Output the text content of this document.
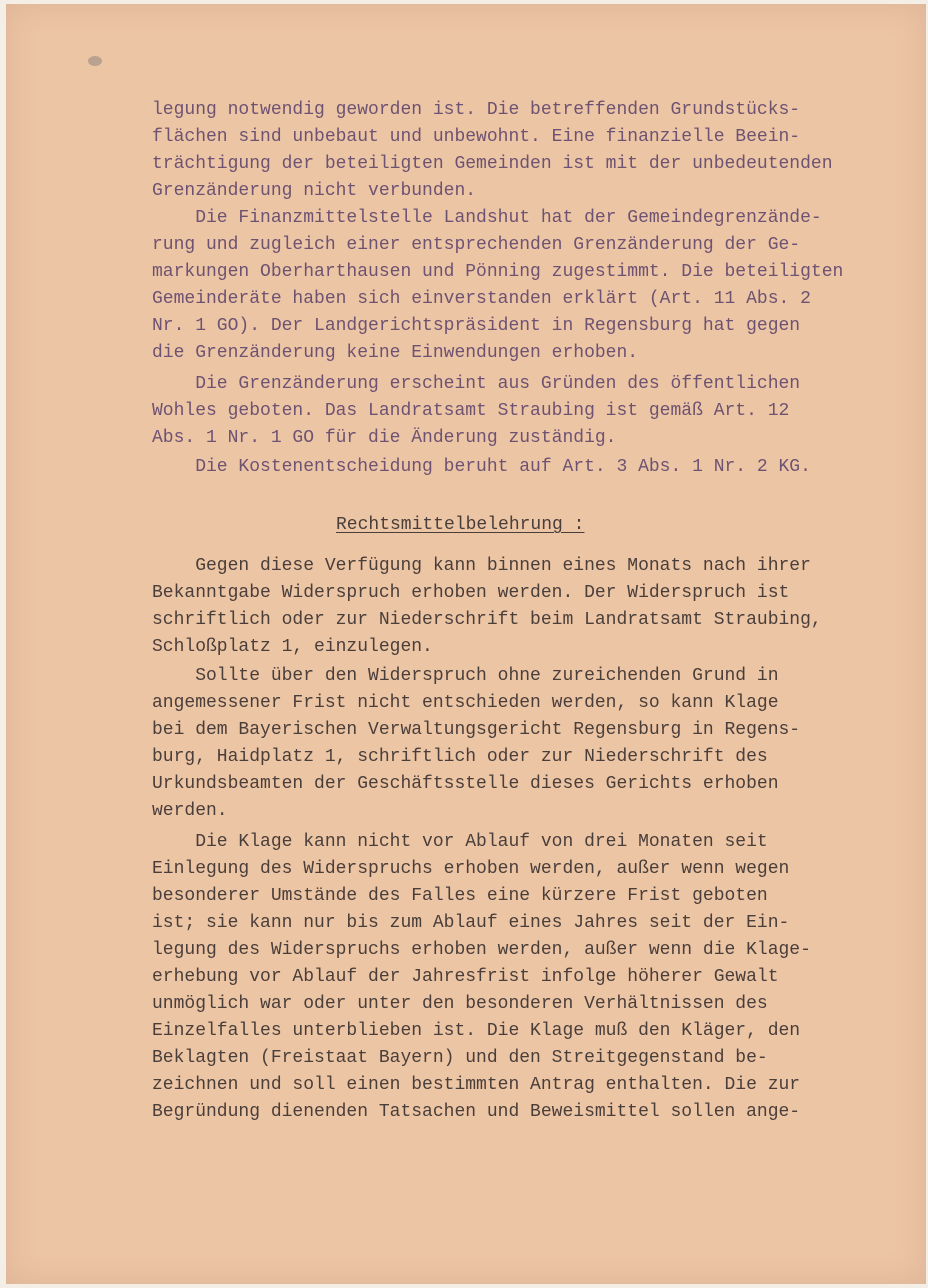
legung notwendig geworden ist. Die betreffenden Grundstücks-
flächen sind unbebaut und unbewohnt. Eine finanzielle Beein-
trächtigung der beteiligten Gemeinden ist mit der unbedeutenden
Grenzänderung nicht verbunden.
Die Finanzmittelstelle Landshut hat der Gemeindegrenzände-
rung und zugleich einer entsprechenden Grenzänderung der Ge-
markungen Oberharthausen und Pönning zugestimmt. Die beteiligten
Gemeinderäte haben sich einverstanden erklärt (Art. 11 Abs. 2
Nr. 1 GO). Der Landgerichtspräsident in Regensburg hat gegen
die Grenzänderung keine Einwendungen erhoben.
Die Grenzänderung erscheint aus Gründen des öffentlichen
Wohles geboten. Das Landratsamt Straubing ist gemäß Art. 12
Abs. 1 Nr. 1 GO für die Änderung zuständig.
Die Kostenentscheidung beruht auf Art. 3 Abs. 1 Nr. 2 KG.
Rechtsmittelbelehrung :
Gegen diese Verfügung kann binnen eines Monats nach ihrer
Bekanntgabe Widerspruch erhoben werden. Der Widerspruch ist
schriftlich oder zur Niederschrift beim Landratsamt Straubing,
Schloßplatz 1, einzulegen.
Sollte über den Widerspruch ohne zureichenden Grund in
angemessener Frist nicht entschieden werden, so kann Klage
bei dem Bayerischen Verwaltungsgericht Regensburg in Regens-
burg, Haidplatz 1, schriftlich oder zur Niederschrift des
Urkundsbeamten der Geschäftsstelle dieses Gerichts erhoben
werden.
Die Klage kann nicht vor Ablauf von drei Monaten seit
Einlegung des Widerspruchs erhoben werden, außer wenn wegen
besonderer Umstände des Falles eine kürzere Frist geboten
ist; sie kann nur bis zum Ablauf eines Jahres seit der Ein-
legung des Widerspruchs erhoben werden, außer wenn die Klage-
erhebung vor Ablauf der Jahresfrist infolge höherer Gewalt
unmöglich war oder unter den besonderen Verhältnissen des
Einzelfalles unterblieben ist. Die Klage muß den Kläger, den
Beklagten (Freistaat Bayern) und den Streitgegenstand be-
zeichnen und soll einen bestimmten Antrag enthalten. Die zur
Begründung dienenden Tatsachen und Beweismittel sollen ange-
